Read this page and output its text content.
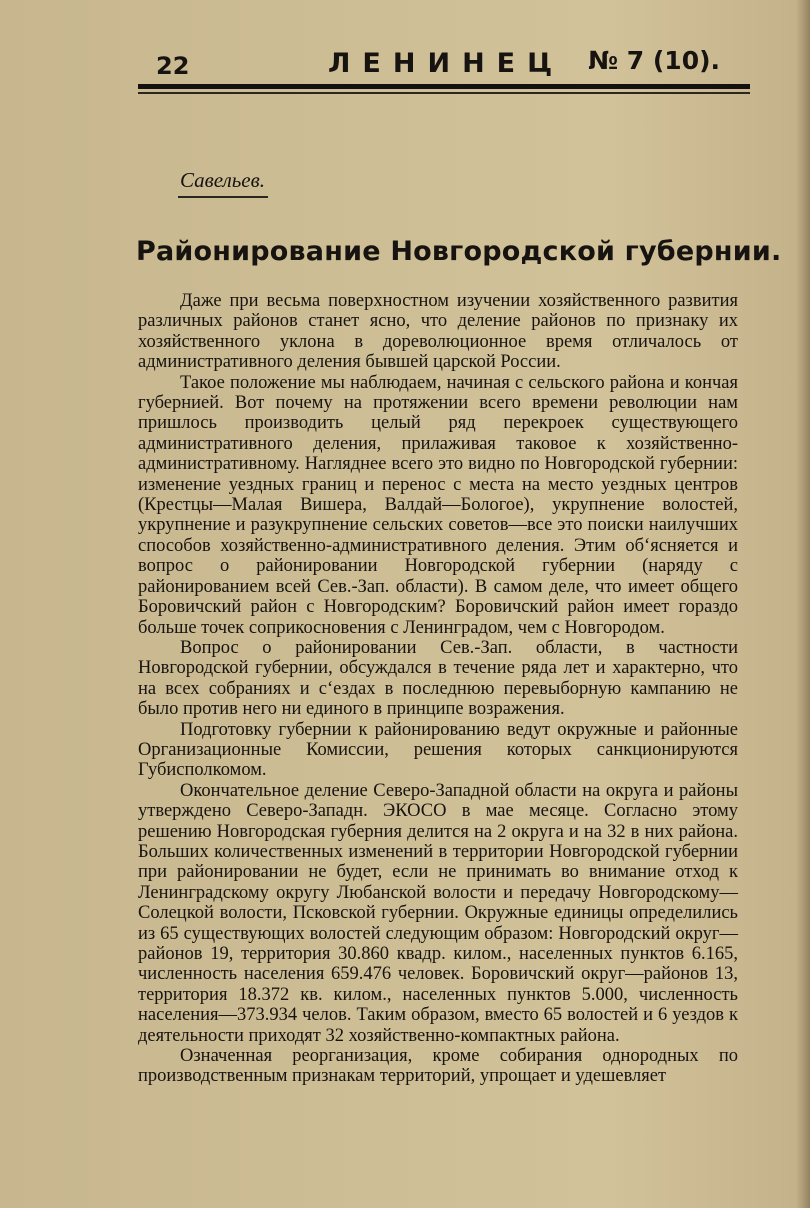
22	ЛЕНИНЕЦ № 7 (10).
Савельев.
Районирование Новгородской губернии.

Даже при весьма поверхностном изучении хозяйственного развития различных районов станет ясно, что деление районов по признаку их хозяйственного уклона в дореволюционное время отличалось от административного деления бывшей царской России.

Такое положение мы наблюдаем, начиная с сельского района и кончая губернией. Вот почему на протяжении всего времени революции нам пришлось производить целый ряд перекроек существующего административного деления, прилаживая таковое к хозяйственно-административному. Нагляднее всего это видно по Новгородской губернии: изменение уездных границ и перенос с места на место уездных центров (Крестцы—Малая Вишера, Валдай—Бологое), укрупнение волостей, укрупнение и разукрупнение сельских советов—все это поиски наилучших способов хозяйственно-административного деления. Этим об‘ясняется и вопрос о районировании Новгородской губернии (наряду с районированием всей Сев.-Зап. области). В самом деле, что имеет общего Боровичский район с Новгородским? Боровичский район имеет гораздо больше точек соприкосновения с Ленинградом, чем с Новгородом.

Вопрос о районировании Сев.-Зап. области, в частности Новгородской губернии, обсуждался в течение ряда лет и характерно, что на всех собраниях и с‘ездах в последнюю перевыборную кампанию не было против него ни единого в принципе возражения.

Подготовку губернии к районированию ведут окружные и районные Организационные Комиссии, решения которых санкционируются Губисполкомом.

Окончательное деление Северо-Западной области на округа и районы утверждено Северо-Западн. ЭКОСО в мае месяце. Согласно этому решению Новгородская губерния делится на 2 округа и на 32 в них района. Больших количественных изменений в территории Новгородской губернии при районировании не будет, если не принимать во внимание отход к Ленинградскому округу Любанской волости и передачу Новгородскому—Солецкой волости, Псковской губернии. Окружные единицы определились из 65 существующих волостей следующим образом: Новгородский округ—районов 19, территория 30.860 квадр. килом., населенных пунктов 6.165, численность населения 659.476 человек. Боровичский округ—районов 13, территория 18.372 кв. килом., населенных пунктов 5.000, численность населения—373.934 челов. Таким образом, вместо 65 волостей и 6 уездов к деятельности приходят 32 хозяйственно-компактных района.

Означенная реорганизация, кроме собирания однородных по производственным признакам территорий, упрощает и удешевляет
